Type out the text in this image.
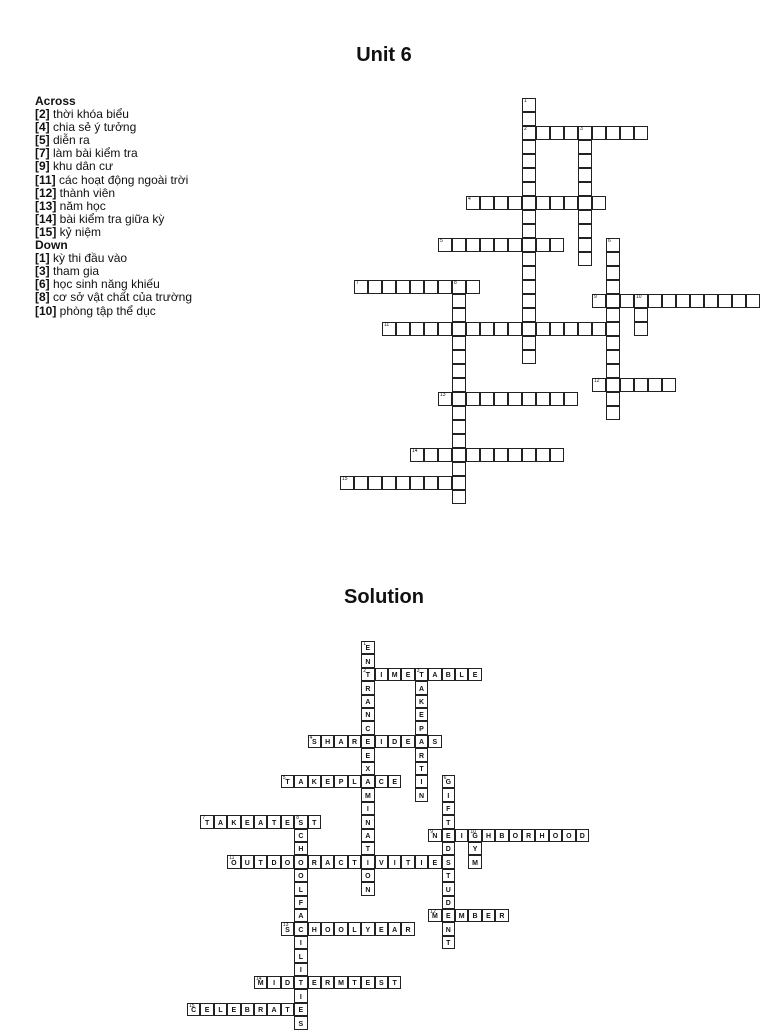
Unit 6
Across
[2] thời khóa biểu
[4] chia sẻ ý tưởng
[5] diễn ra
[7] làm bài kiểm tra
[9] khu dân cư
[11] các hoạt động ngoài trời
[12] thành viên
[13] năm học
[14] bài kiểm tra giữa kỳ
[15] kỷ niệm
Down
[1] kỳ thi đầu vào
[3] tham gia
[6] học sinh năng khiếu
[8] cơ sở vật chất của trường
[10] phòng tập thể dục
1
2	3
4
5	6
7	8
9	10
11
12
13
14
15
Solution
1
E
N
2
T
R
A
N
C
E
E
X
A
M
I
N
A
T
I
O
N
I	M	E
3
T	A	B	L	E
A
K
E
P
A
R
T
I
N
4
S	H	A	R	I	D	E	S
5
T	A	K	E	P	L	C	E
6
G
I
F
T
E
D
S
T
U
D
E
N
T
7
T	A	K	E	A	T	E
8
S	T
C
H
O
O
L
F
A
C
I
L
I
T
I
E
S
9
N	I
10
G	H	B	O	R	H	O	O	D
Y
M
11
O	U	T	D	O	R	A	C	T	V	I	T	I	E
12
M	M	B	E	R
13
S	H	O	O	L	Y	E	A	R
14
M	I	D	E	R	M	T	E	S	T
15
C	E	L	E	B	R	A	T
